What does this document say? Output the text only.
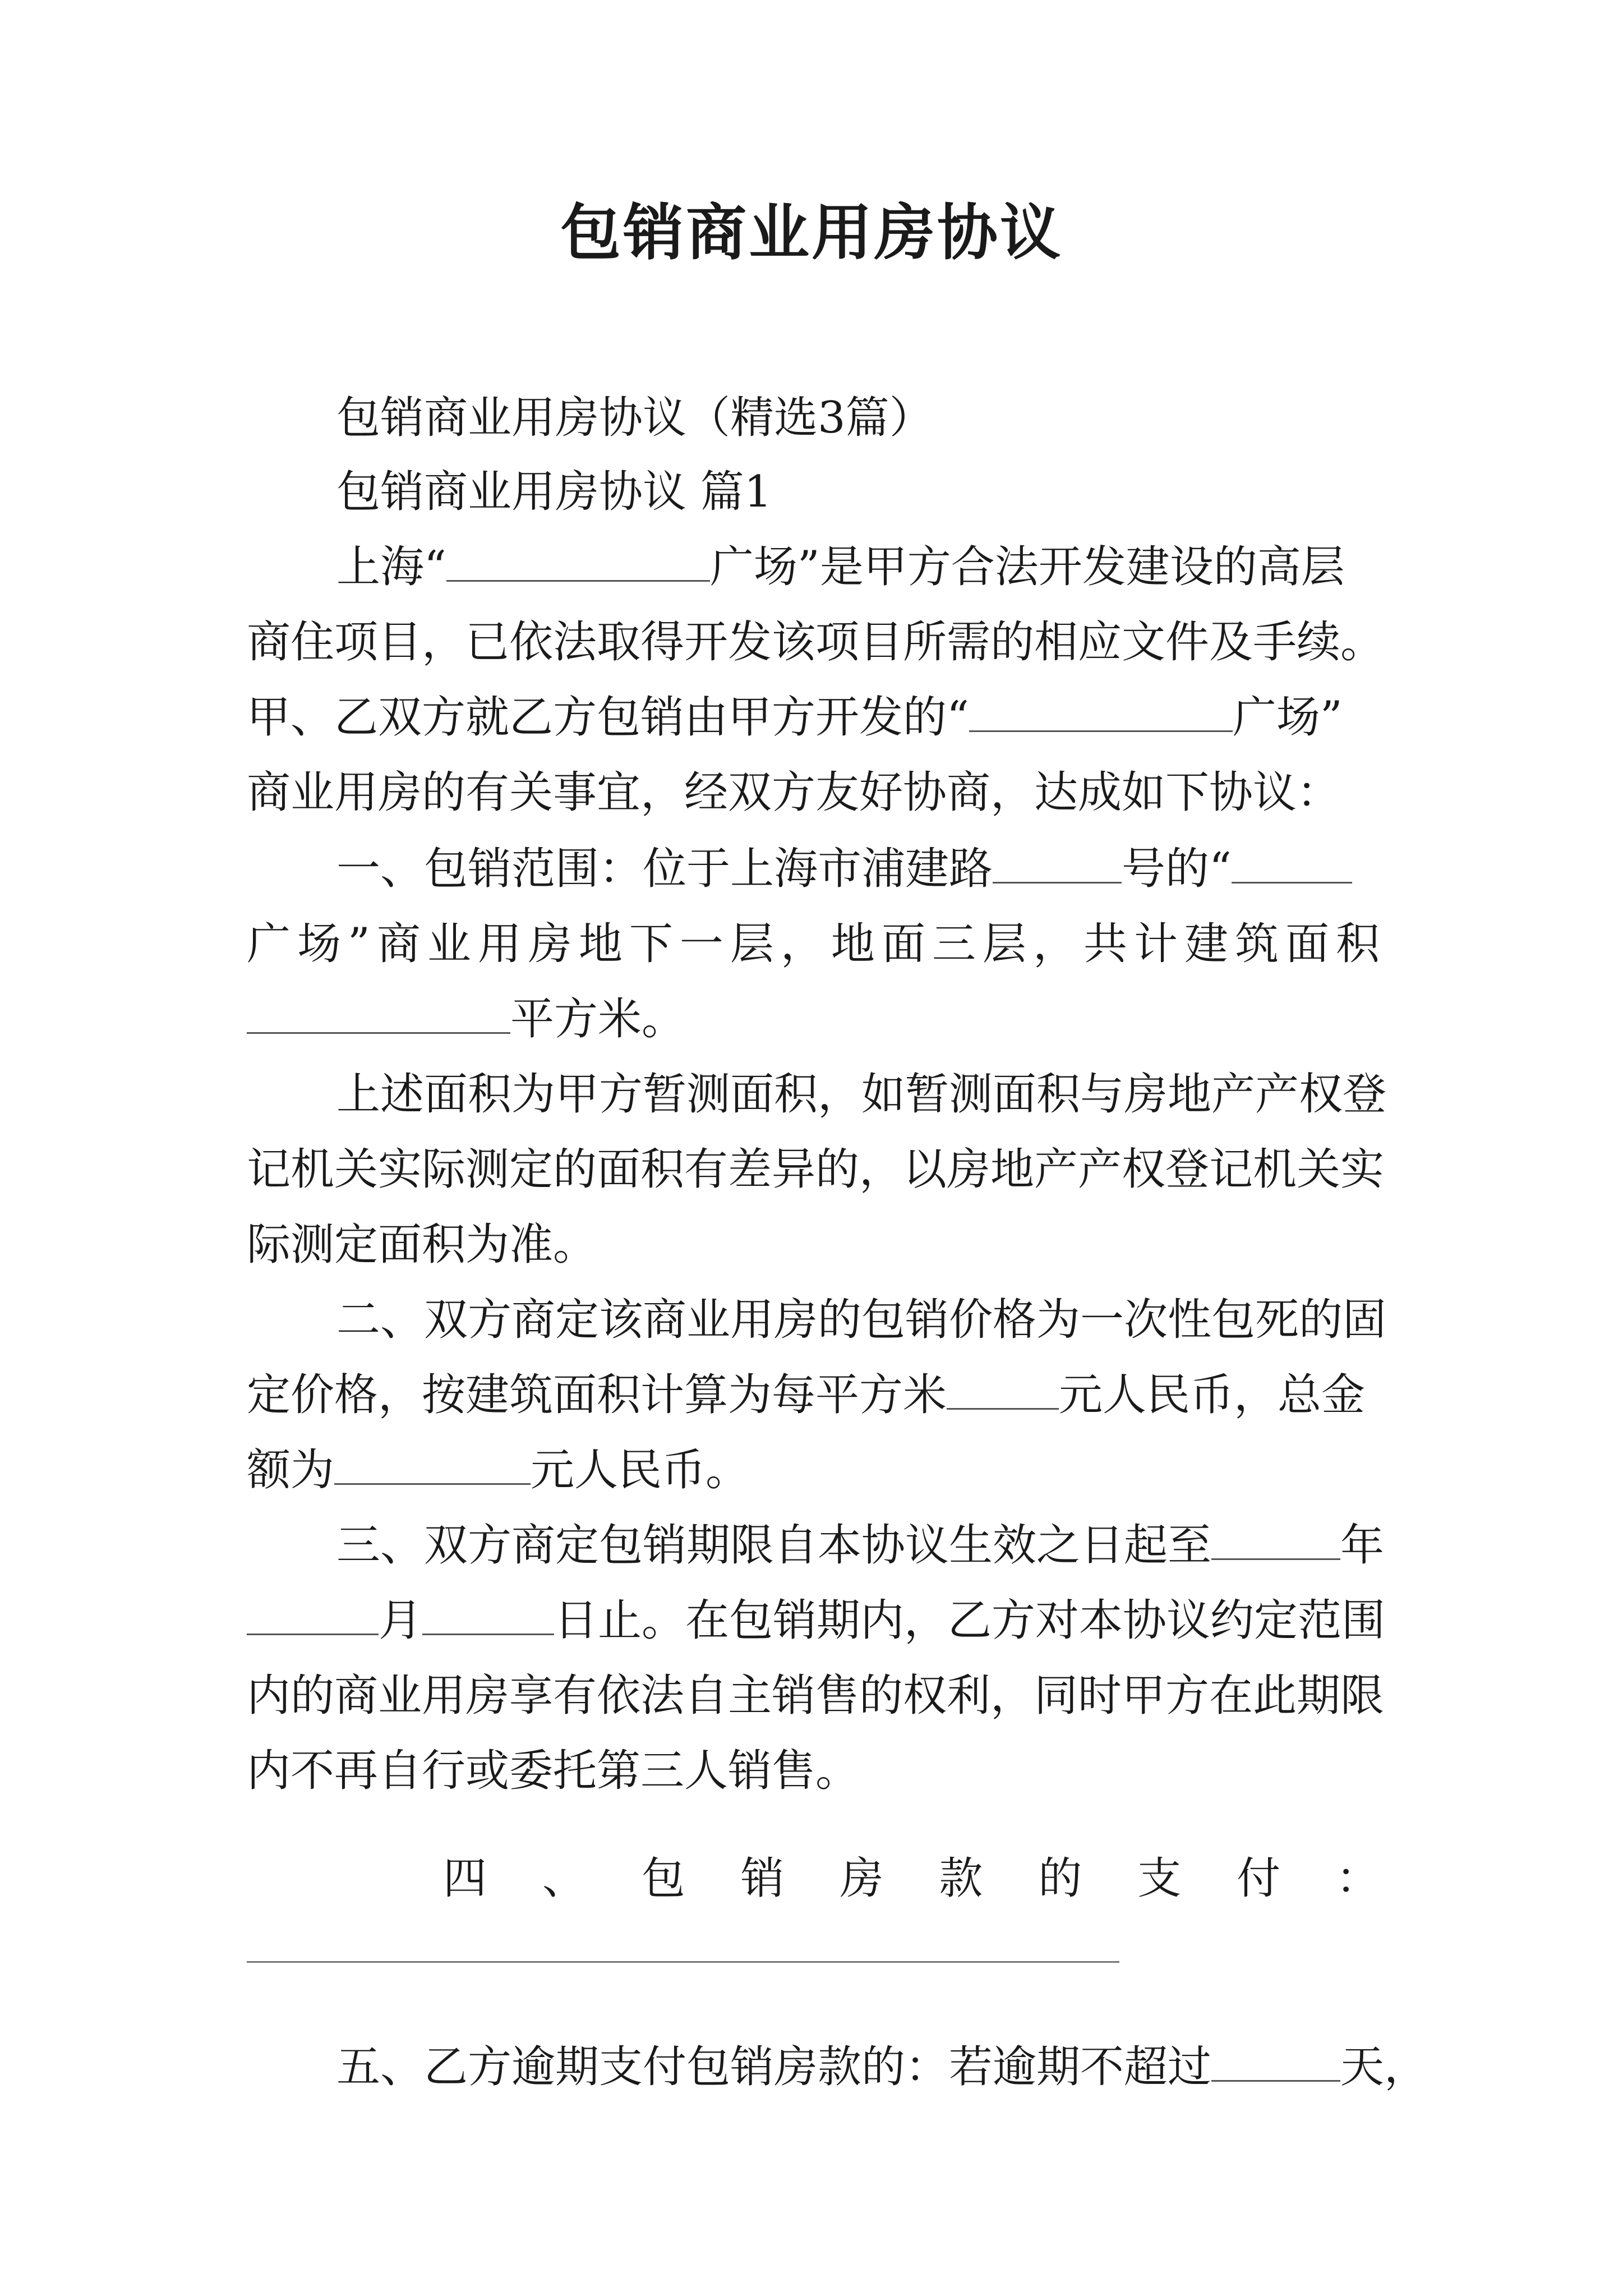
包销商业用房协议
包销商业用房协议（精选3篇）
包销商业用房协议 篇1
上海“	广场”是甲方合法开发建设的高层
商住项目，已依法取得开发该项目所需的相应文件及手续。
甲、乙双方就乙方包销由甲方开发的“	广场”
商业用房的有关事宜，经双方友好协商，达成如下协议：
一、包销范围：位于上海市浦建路	号的“
广场”商业用房地下一层，地面三层，共计建筑面积
平方米。
上述面积为甲方暂测面积，如暂测面积与房地产产权登
记机关实际测定的面积有差异的，以房地产产权登记机关实
际测定面积为准。
二、双方商定该商业用房的包销价格为一次性包死的固
定价格，按建筑面积计算为每平方米	元人民币，总金
额为	元人民币。
三、双方商定包销期限自本协议生效之日起至	年
月	日止。在包销期内，乙方对本协议约定范围
内的商业用房享有依法自主销售的权利，同时甲方在此期限
内不再自行或委托第三人销售。
四、包销房款的支付：
五、乙方逾期支付包销房款的：若逾期不超过	天，
